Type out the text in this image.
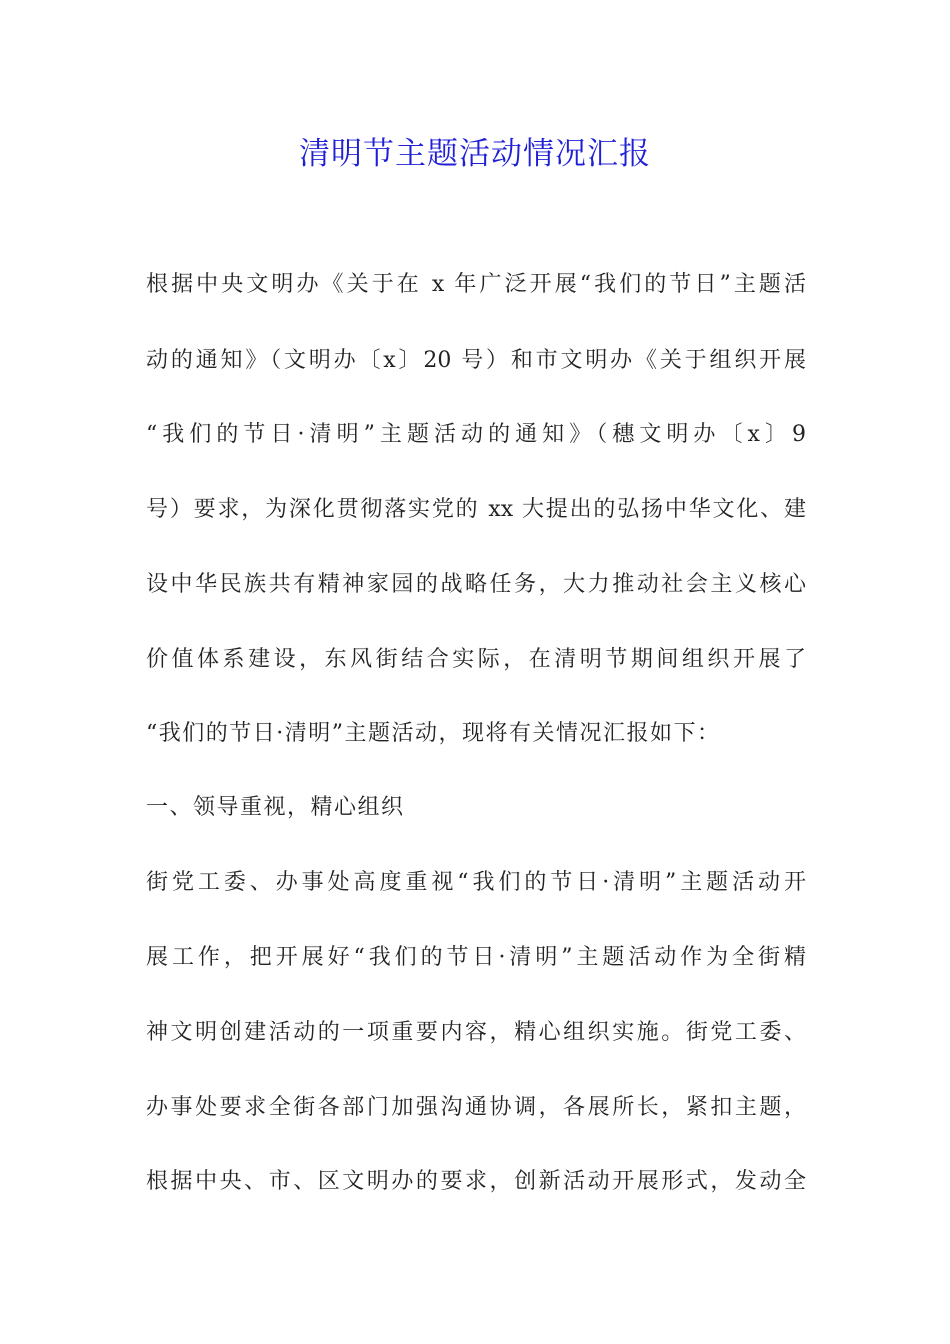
清明节主题活动情况汇报
根据中央文明办《关于在 x 年广泛开展“我们的节日”主题活
动的通知》（文明办〔x〕20 号）和市文明办《关于组织开展
“我们的节日·清明”主题活动的通知》（穗文明办〔x〕9
号）要求，为深化贯彻落实党的 xx 大提出的弘扬中华文化、建
设中华民族共有精神家园的战略任务，大力推动社会主义核心
价值体系建设，东风街结合实际，在清明节期间组织开展了
“我们的节日·清明”主题活动，现将有关情况汇报如下：
一、领导重视，精心组织
街党工委、办事处高度重视“我们的节日·清明”主题活动开
展工作，把开展好“我们的节日·清明”主题活动作为全街精
神文明创建活动的一项重要内容，精心组织实施。街党工委、
办事处要求全街各部门加强沟通协调，各展所长，紧扣主题，
根据中央、市、区文明办的要求，创新活动开展形式，发动全
